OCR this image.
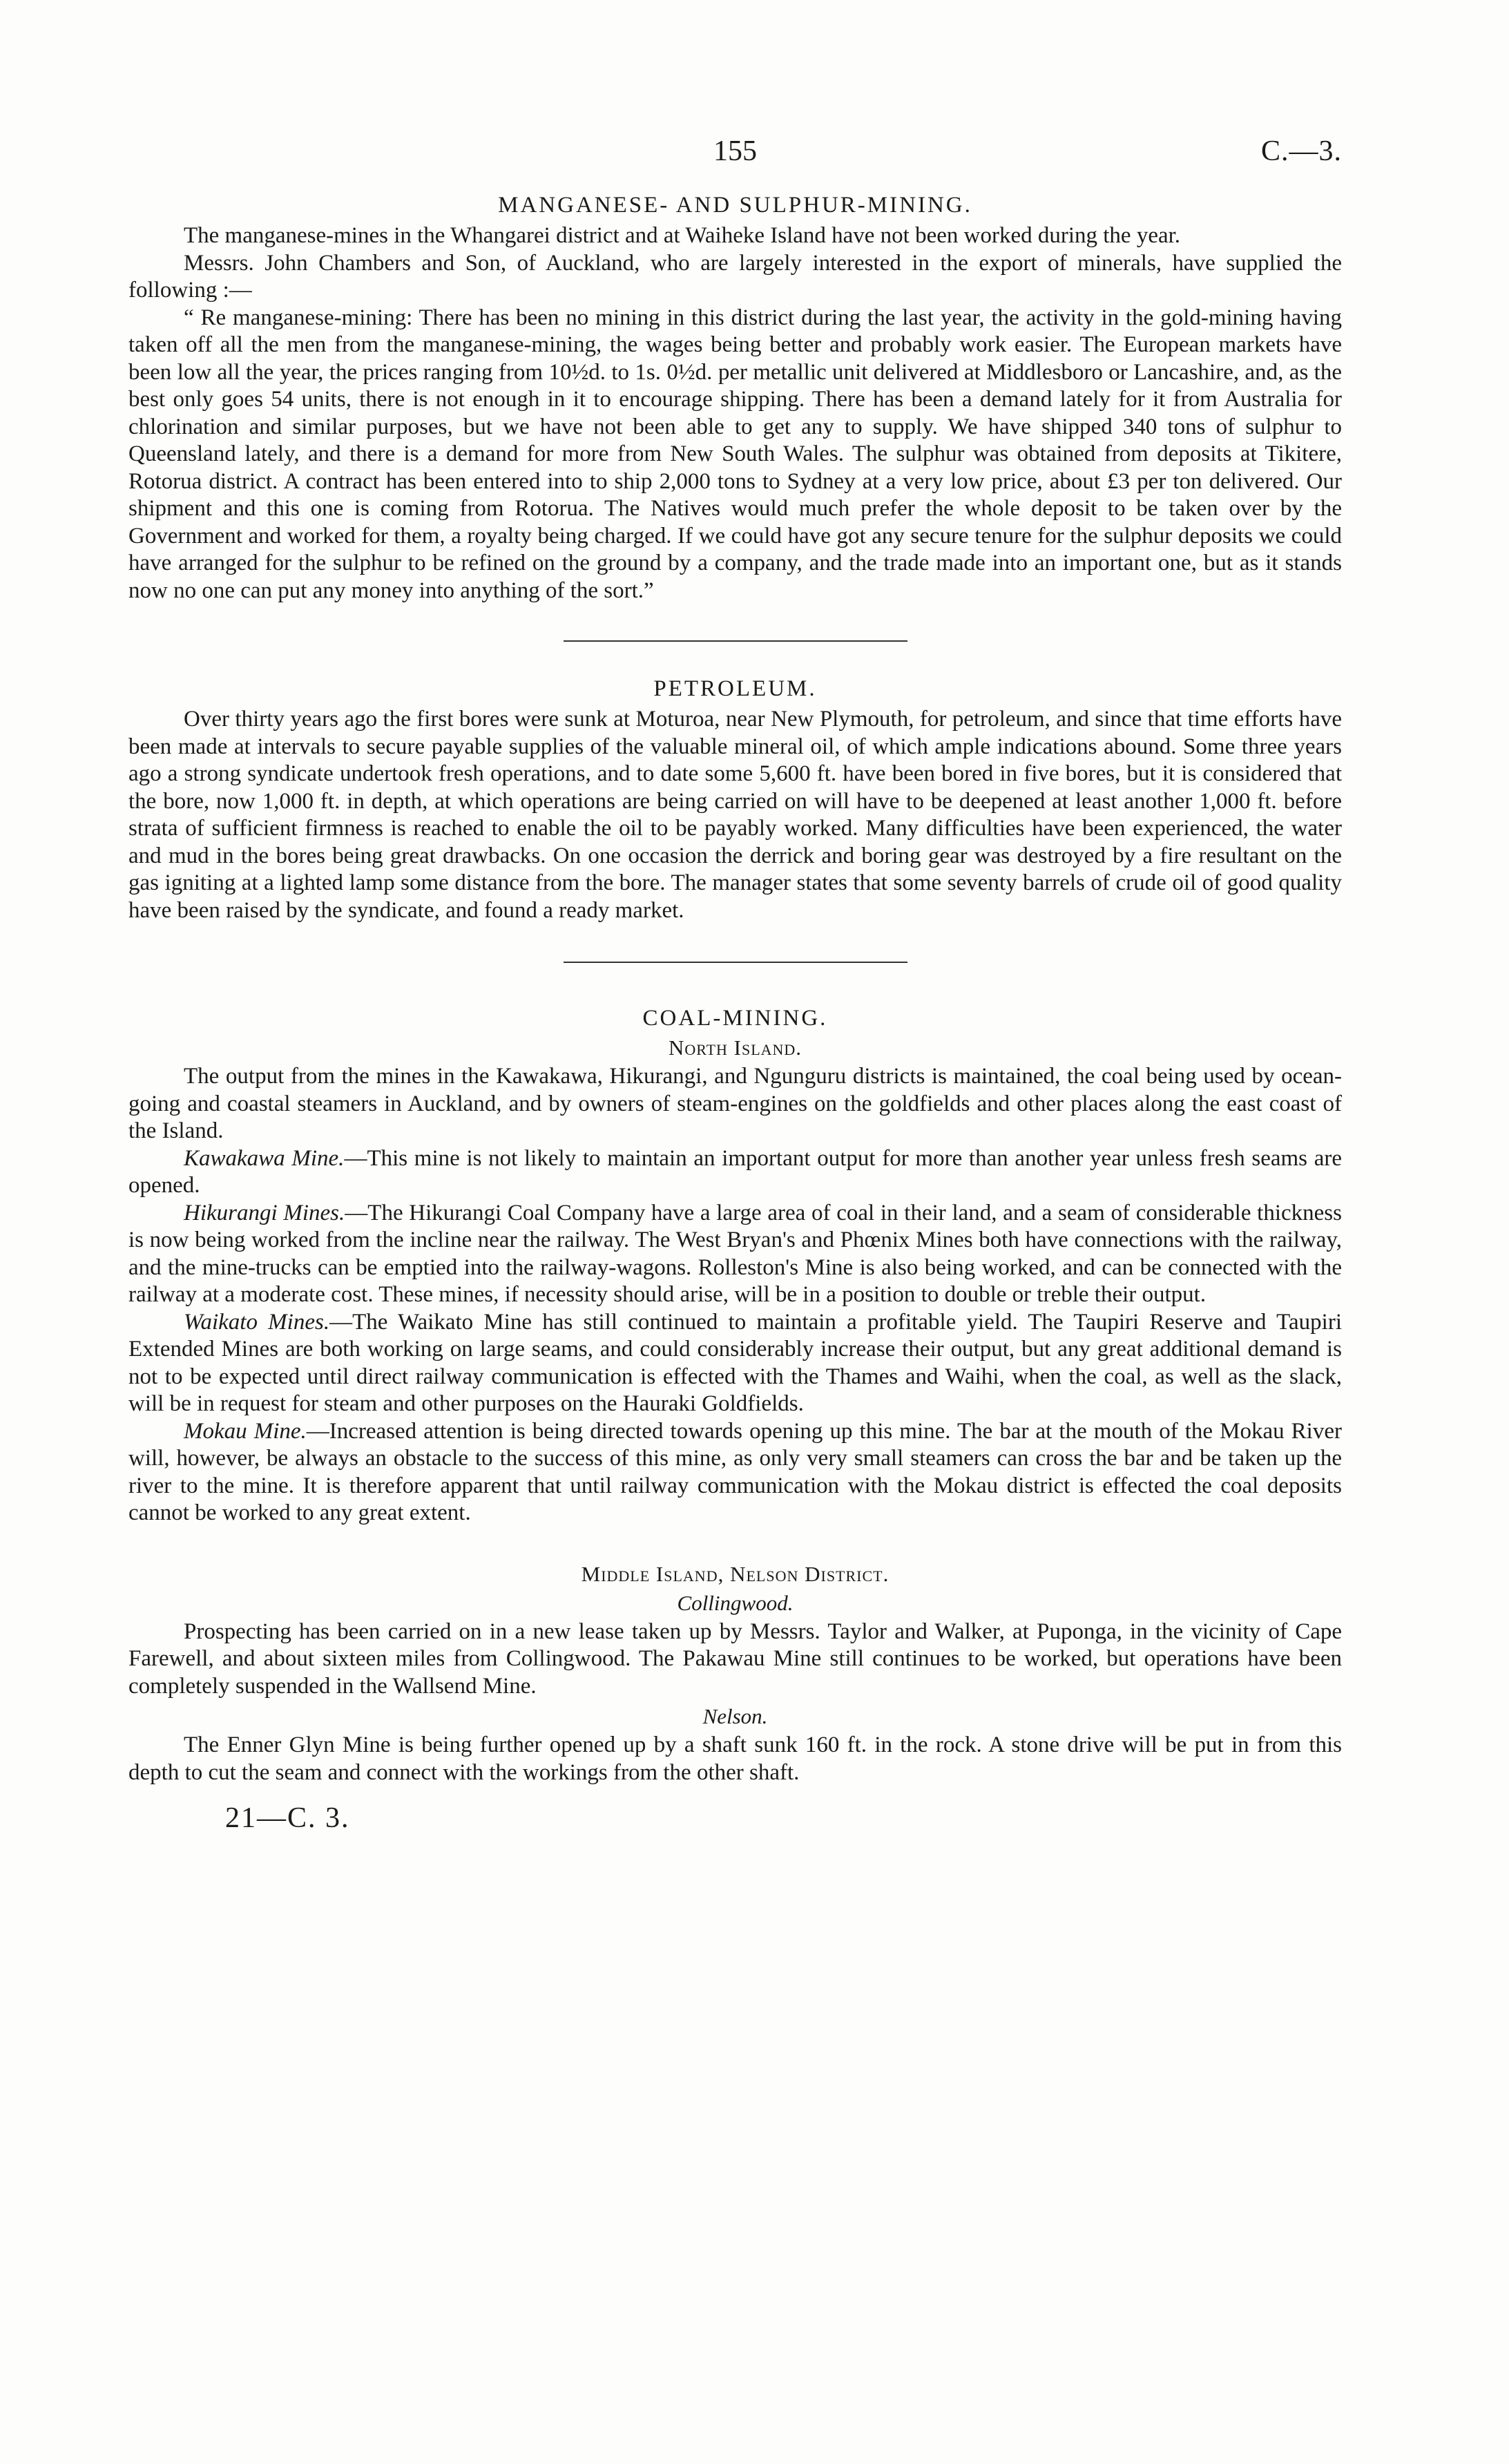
155	C.—3.
MANGANESE- AND SULPHUR-MINING.

The manganese-mines in the Whangarei district and at Waiheke Island have not been worked during the year.

Messrs. John Chambers and Son, of Auckland, who are largely interested in the export of minerals, have supplied the following :—

“ Re manganese-mining: There has been no mining in this district during the last year, the activity in the gold-mining having taken off all the men from the manganese-mining, the wages being better and probably work easier. The European markets have been low all the year, the prices ranging from 10½d. to 1s. 0½d. per metallic unit delivered at Middlesboro or Lancashire, and, as the best only goes 54 units, there is not enough in it to encourage shipping. There has been a demand lately for it from Australia for chlorination and similar purposes, but we have not been able to get any to supply. We have shipped 340 tons of sulphur to Queensland lately, and there is a demand for more from New South Wales. The sulphur was obtained from deposits at Tikitere, Rotorua district. A contract has been entered into to ship 2,000 tons to Sydney at a very low price, about £3 per ton delivered. Our shipment and this one is coming from Rotorua. The Natives would much prefer the whole deposit to be taken over by the Government and worked for them, a royalty being charged. If we could have got any secure tenure for the sulphur deposits we could have arranged for the sulphur to be refined on the ground by a company, and the trade made into an important one, but as it stands now no one can put any money into anything of the sort.”

PETROLEUM.

Over thirty years ago the first bores were sunk at Moturoa, near New Plymouth, for petroleum, and since that time efforts have been made at intervals to secure payable supplies of the valuable mineral oil, of which ample indications abound. Some three years ago a strong syndicate undertook fresh operations, and to date some 5,600 ft. have been bored in five bores, but it is considered that the bore, now 1,000 ft. in depth, at which operations are being carried on will have to be deepened at least another 1,000 ft. before strata of sufficient firmness is reached to enable the oil to be payably worked. Many difficulties have been experienced, the water and mud in the bores being great drawbacks. On one occasion the derrick and boring gear was destroyed by a fire resultant on the gas igniting at a lighted lamp some distance from the bore. The manager states that some seventy barrels of crude oil of good quality have been raised by the syndicate, and found a ready market.

COAL-MINING.
North Island.

The output from the mines in the Kawakawa, Hikurangi, and Ngunguru districts is maintained, the coal being used by ocean-going and coastal steamers in Auckland, and by owners of steam-engines on the goldfields and other places along the east coast of the Island.

Kawakawa Mine.—This mine is not likely to maintain an important output for more than another year unless fresh seams are opened.

Hikurangi Mines.—The Hikurangi Coal Company have a large area of coal in their land, and a seam of considerable thickness is now being worked from the incline near the railway. The West Bryan's and Phœnix Mines both have connections with the railway, and the mine-trucks can be emptied into the railway-wagons. Rolleston's Mine is also being worked, and can be connected with the railway at a moderate cost. These mines, if necessity should arise, will be in a position to double or treble their output.

Waikato Mines.—The Waikato Mine has still continued to maintain a profitable yield. The Taupiri Reserve and Taupiri Extended Mines are both working on large seams, and could considerably increase their output, but any great additional demand is not to be expected until direct railway communication is effected with the Thames and Waihi, when the coal, as well as the slack, will be in request for steam and other purposes on the Hauraki Goldfields.

Mokau Mine.—Increased attention is being directed towards opening up this mine. The bar at the mouth of the Mokau River will, however, be always an obstacle to the success of this mine, as only very small steamers can cross the bar and be taken up the river to the mine. It is therefore apparent that until railway communication with the Mokau district is effected the coal deposits cannot be worked to any great extent.

Middle Island, Nelson District.
Collingwood.

Prospecting has been carried on in a new lease taken up by Messrs. Taylor and Walker, at Puponga, in the vicinity of Cape Farewell, and about sixteen miles from Collingwood. The Pakawau Mine still continues to be worked, but operations have been completely suspended in the Wallsend Mine.

Nelson.

The Enner Glyn Mine is being further opened up by a shaft sunk 160 ft. in the rock. A stone drive will be put in from this depth to cut the seam and connect with the workings from the other shaft.

21—C. 3.
